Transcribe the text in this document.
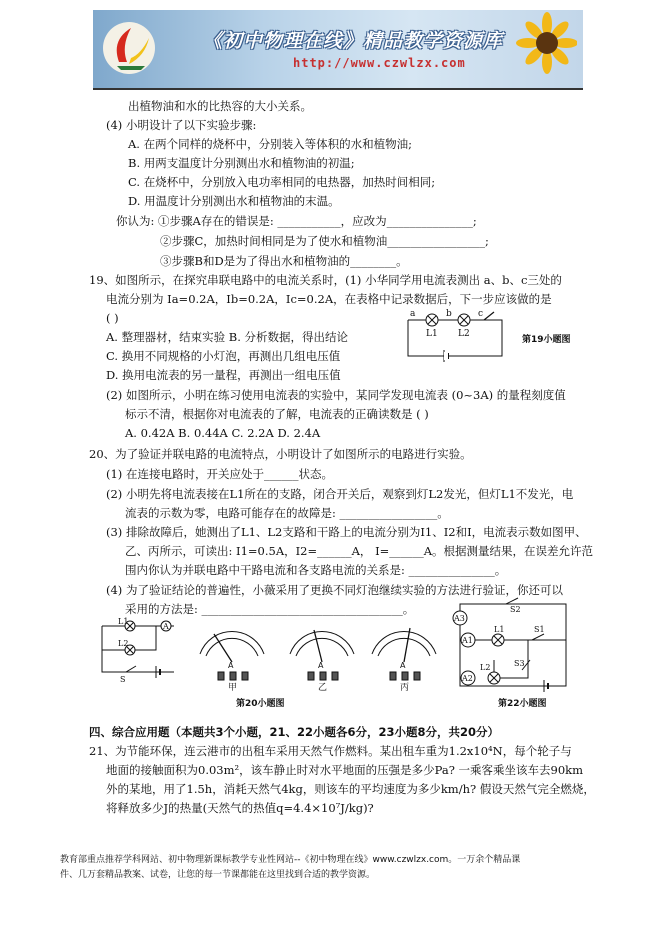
《初中物理在线》精品教学资源库
http://www.czwlzx.com
出植物油和水的比热容的大小关系。
(4) 小明设计了以下实验步骤:
A. 在两个同样的烧杯中，分别装入等体积的水和植物油;
B. 用两支温度计分别测出水和植物油的初温;
C. 在烧杯中，分别放入电功率相同的电热器，加热时间相同;
D. 用温度计分别测出水和植物油的末温。
你认为: ①步骤A存在的错误是: ___________，应改为_______________;
②步骤C，加热时间相同是为了使水和植物油_________________;
③步骤B和D是为了得出水和植物油的________。
19、如图所示，在探究串联电路中的电流关系时，(1) 小华同学用电流表测出 a、b、c三处的
电流分别为 Ia=0.2A，Ib=0.2A，Ic=0.2A，在表格中记录数据后，下一步应该做的是
( )
A. 整理器材，结束实验 B. 分析数据，得出结论
C. 换用不同规格的小灯泡，再测出几组电压值
D. 换用电流表的另一量程，再测出一组电压值
(2) 如图所示，小明在练习使用电流表的实验中，某同学发现电流表 (0~3A) 的量程刻度值
标示不清，根据你对电流表的了解，电流表的正确读数是 ( )
A. 0.42A B. 0.44A C. 2.2A D. 2.4A
20、为了验证并联电路的电流特点，小明设计了如图所示的电路进行实验。
(1) 在连接电路时，开关应处于______状态。
(2) 小明先将电流表接在L1所在的支路，闭合开关后，观察到灯L2发光，但灯L1不发光，电
流表的示数为零，电路可能存在的故障是: _________________。
(3) 排除故障后，她测出了L1、L2支路和干路上的电流分别为I1、I2和I，电流表示数如图甲、
乙、丙所示，可读出: I1=0.5A，I2=______A， I=______A。根据测量结果，在误差允许范
围内你认为并联电路中干路电流和各支路电流的关系是: _______________。
(4) 为了验证结论的普遍性，小薇采用了更换不同灯泡继续实验的方法进行验证，你还可以
采用的方法是: ___________________________________。
四、综合应用题（本题共3个小题，21、22小题各6分，23小题8分，共20分）
21、为节能环保，连云港市的出租车采用天然气作燃料。某出租车重为1.2x10⁴N，每个轮子与
地面的接触面积为0.03m²，该车静止时对水平地面的压强是多少Pa? 一乘客乘坐该车去90km
外的某地，用了1.5h，消耗天然气4kg，则该车的平均速度为多少km/h? 假设天然气完全燃烧，
将释放多少J的热量(天然气的热值q=4.4×10⁷J/kg)?
a	b	c
L1 L2
第19小题图
L1
L2
A
S
A
甲
A
乙
A
丙
第20小题图
S2
A3
L1	S1
A1
L2	S3
A2
第22小题图
教育部重点推荐学科网站、初中物理新课标教学专业性网站--《初中物理在线》www.czwlzx.com。一万余个精品课
件、几万套精品教案、试卷，让您的每一节课都能在这里找到合适的教学资源。
